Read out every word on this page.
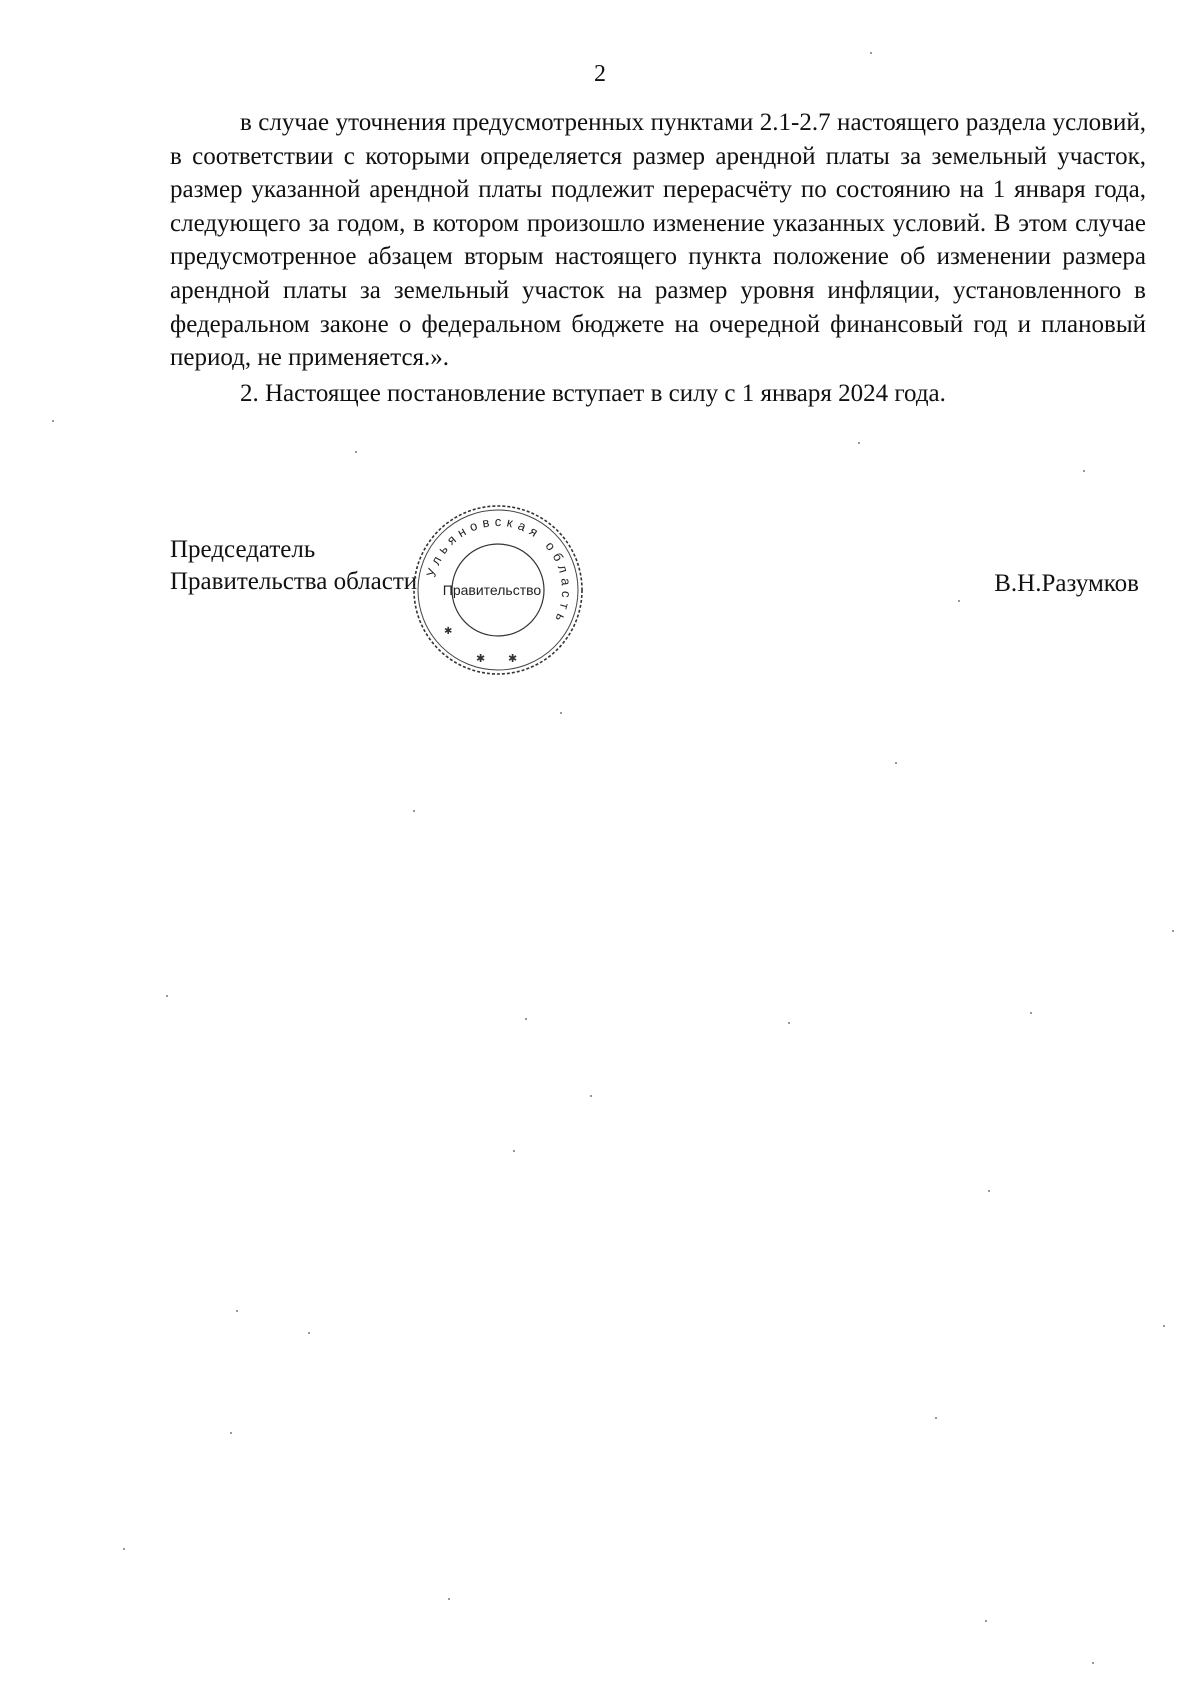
2

в случае уточнения предусмотренных пунктами 2.1-2.7 настоящего раздела условий, в соответствии с которыми определяется размер арендной платы за земельный участок, размер указанной арендной платы подлежит перерасчёту по состоянию на 1 января года, следующего за годом, в котором произошло изменение указанных условий. В этом случае предусмотренное абзацем вторым настоящего пункта положение об изменении размера арендной платы за земельный участок на размер уровня инфляции, установленного в федеральном законе о федеральном бюджете на очередной финансовый год и плановый период, не применяется.».

2. Настоящее постановление вступает в силу с 1 января 2024 года.

Председатель
Правительства области	В.Н.Разумков
Ульяновская область
✱ ✱
✱
Правительство
